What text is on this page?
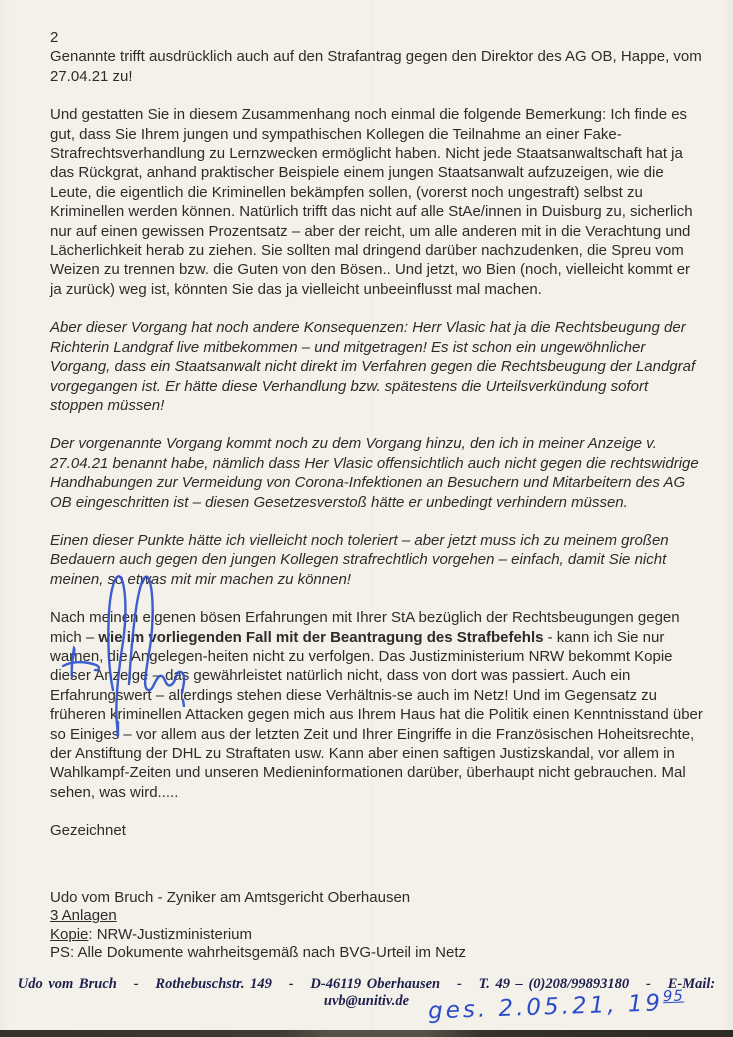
2

Genannte trifft ausdrücklich auch auf den Strafantrag gegen den Direktor des AG OB, Happe, vom 27.04.21 zu!

Und gestatten Sie in diesem Zusammenhang noch einmal die folgende Bemerkung: Ich finde es gut, dass Sie Ihrem jungen und sympathischen Kollegen die Teilnahme an einer Fake-Strafrechtsverhandlung zu Lernzwecken ermöglicht haben. Nicht jede Staatsanwaltschaft hat ja das Rückgrat, anhand praktischer Beispiele einem jungen Staatsanwalt aufzuzeigen, wie die Leute, die eigentlich die Kriminellen bekämpfen sollen, (vorerst noch ungestraft) selbst zu Kriminellen werden können. Natürlich trifft das nicht auf alle StAe/innen in Duisburg zu, sicherlich nur auf einen gewissen Prozentsatz – aber der reicht, um alle anderen mit in die Verachtung und Lächerlichkeit herab zu ziehen. Sie sollten mal dringend darüber nachzudenken, die Spreu vom Weizen zu trennen bzw. die Guten von den Bösen.. Und jetzt, wo Bien (noch, vielleicht kommt er ja zurück) weg ist, könnten Sie das ja vielleicht unbeeinflusst mal machen.

Aber dieser Vorgang hat noch andere Konsequenzen: Herr Vlasic hat ja die Rechtsbeugung der Richterin Landgraf live mitbekommen – und mitgetragen! Es ist schon ein ungewöhnlicher Vorgang, dass ein Staatsanwalt nicht direkt im Verfahren gegen die Rechtsbeugung der Landgraf vorgegangen ist. Er hätte diese Verhandlung bzw. spätestens die Urteilsverkündung sofort stoppen müssen!

Der vorgenannte Vorgang kommt noch zu dem Vorgang hinzu, den ich in meiner Anzeige v. 27.04.21 benannt habe, nämlich dass Her Vlasic offensichtlich auch nicht gegen die rechtswidrige Handhabungen zur Vermeidung von Corona-Infektionen an Besuchern und Mitarbeitern des AG OB eingeschritten ist – diesen Gesetzesverstoß hätte er unbedingt verhindern müssen.

Einen dieser Punkte hätte ich vielleicht noch toleriert – aber jetzt muss ich zu meinem großen Bedauern auch gegen den jungen Kollegen strafrechtlich vorgehen – einfach, damit Sie nicht meinen, so etwas mit mir machen zu können!

Nach meinen eigenen bösen Erfahrungen mit Ihrer StA bezüglich der Rechtsbeugungen gegen mich – wie im vorliegenden Fall mit der Beantragung des Strafbefehls - kann ich Sie nur warnen, die Angelegen-heiten nicht zu verfolgen. Das Justizministerium NRW bekommt Kopie dieser Anzeige – das gewährleistet natürlich nicht, dass von dort was passiert. Auch ein Erfahrungswert – allerdings stehen diese Verhältnis-se auch im Netz! Und im Gegensatz zu früheren kriminellen Attacken gegen mich aus Ihrem Haus hat die Politik einen Kenntnisstand über so Einiges – vor allem aus der letzten Zeit und Ihrer Eingriffe in die Französischen Hoheitsrechte, der Anstiftung der DHL zu Straftaten usw. Kann aber einen saftigen Justizskandal, vor allem in Wahlkampf-Zeiten und unseren Medieninformationen darüber, überhaupt nicht gebrauchen. Mal sehen, was wird.....

Gezeichnet

Udo vom Bruch - Zyniker am Amtsgericht Oberhausen
3 Anlagen
Kopie: NRW-Justizministerium
PS: Alle Dokumente wahrheitsgemäß nach BVG-Urteil im Netz
Udo vom Bruch   -   Rothebuschstr. 149   -   D-46119 Oberhausen   -   T. 49 – (0)208/99893180   -   E-Mail: uvb@unitiv.de ges. 2.05.21, $19^{95}$
